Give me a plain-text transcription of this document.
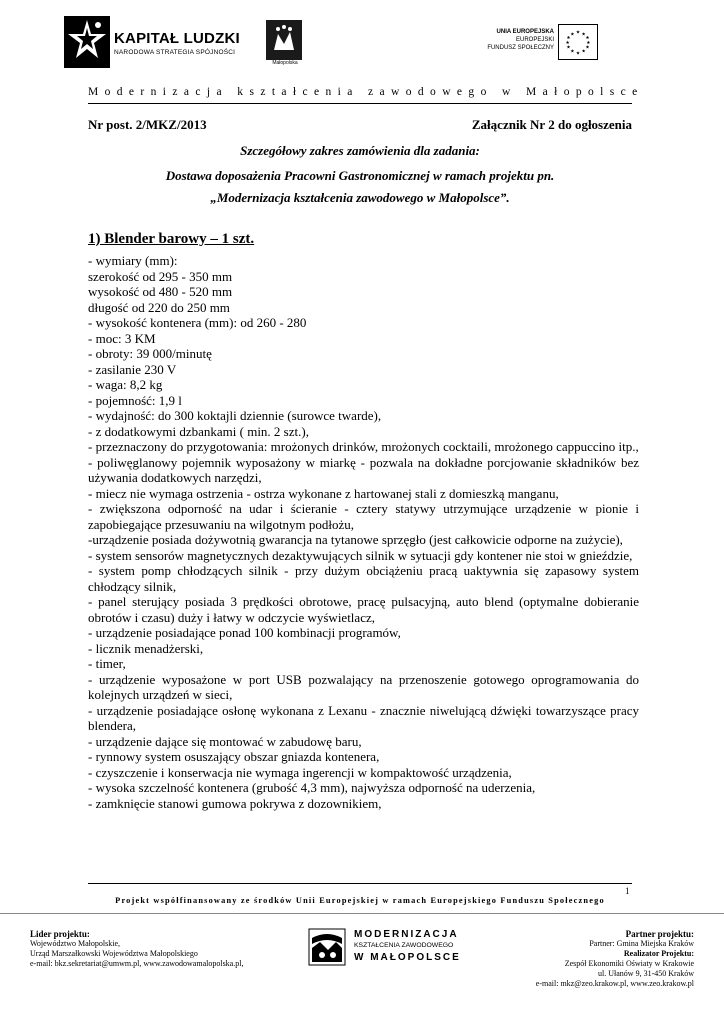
KAPITAŁ LUDZKI
NARODOWA STRATEGIA SPÓJNOŚCI
Małopolska
UNIA EUROPEJSKA
EUROPEJSKI
FUNDUSZ SPOŁECZNY
★ ★
★
★
★
★
★
★
★
★
★
★
Modernizacja kształcenia zawodowego w Małopolsce
Nr post. 2/MKZ/2013	Załącznik Nr 2 do ogłoszenia
Szczegółowy zakres zamówienia dla zadania:
Dostawa doposażenia Pracowni Gastronomicznej w ramach projektu pn.
„Modernizacja kształcenia zawodowego w Małopolsce”.
1) Blender barowy – 1 szt.
- wymiary (mm):
szerokość od 295 - 350 mm
wysokość od 480 - 520 mm
długość od 220 do 250 mm
- wysokość kontenera (mm): od 260 - 280
- moc: 3 KM
- obroty: 39 000/minutę
- zasilanie 230 V
- waga: 8,2 kg
- pojemność: 1,9 l
- wydajność: do 300 koktajli dziennie (surowce twarde),
- z dodatkowymi dzbankami ( min. 2 szt.),
- przeznaczony do przygotowania: mrożonych drinków, mrożonych cocktaili, mrożonego cappuccino itp.,
- poliwęglanowy pojemnik wyposażony w miarkę - pozwala na dokładne porcjowanie składników bez używania dodatkowych narzędzi,
- miecz nie wymaga ostrzenia - ostrza wykonane z hartowanej stali z domieszką manganu,
- zwiększona odporność na udar i ścieranie - cztery statywy utrzymujące urządzenie w pionie i zapobiegające przesuwaniu na wilgotnym podłożu,
-urządzenie posiada dożywotnią gwarancja na tytanowe sprzęgło (jest całkowicie odporne na zużycie),
- system sensorów magnetycznych dezaktywujących silnik w sytuacji gdy kontener nie stoi w gnieździe,
- system pomp chłodzących silnik - przy dużym obciążeniu pracą uaktywnia się zapasowy system chłodzący silnik,
- panel sterujący posiada 3 prędkości obrotowe, pracę pulsacyjną, auto blend (optymalne dobieranie obrotów i czasu) duży i łatwy w odczycie wyświetlacz,
- urządzenie posiadające ponad 100 kombinacji programów,
- licznik menadżerski,
- timer,
- urządzenie wyposażone w port USB pozwalający na przenoszenie gotowego oprogramowania do kolejnych urządzeń w sieci,
- urządzenie posiadające osłonę wykonana z Lexanu - znacznie niwelującą dźwięki towarzyszące pracy blendera,
- urządzenie dające się montować w zabudowę baru,
- rynnowy system osuszający obszar gniazda kontenera,
- czyszczenie i konserwacja nie wymaga ingerencji w kompaktowość urządzenia,
- wysoka szczelność kontenera (grubość 4,3 mm), najwyższa odporność na uderzenia,
- zamknięcie stanowi gumowa pokrywa z dozownikiem,
1
Projekt współfinansowany ze środków Unii Europejskiej w ramach Europejskiego Funduszu Społecznego
Lider projektu:
Województwo Małopolskie,
Urząd Marszałkowski Województwa Małopolskiego
e-mail: bkz.sekretariat@umwm.pl, www.zawodowamalopolska.pl,
MODERNIZACJA
KSZTAŁCENIA ZAWODOWEGO
W MAŁOPOLSCE
Partner projektu:
Partner: Gmina Miejska Kraków
Realizator Projektu:
Zespół Ekonomiki Oświaty w Krakowie
ul. Ułanów 9, 31-450 Kraków
e-mail: mkz@zeo.krakow.pl, www.zeo.krakow.pl
